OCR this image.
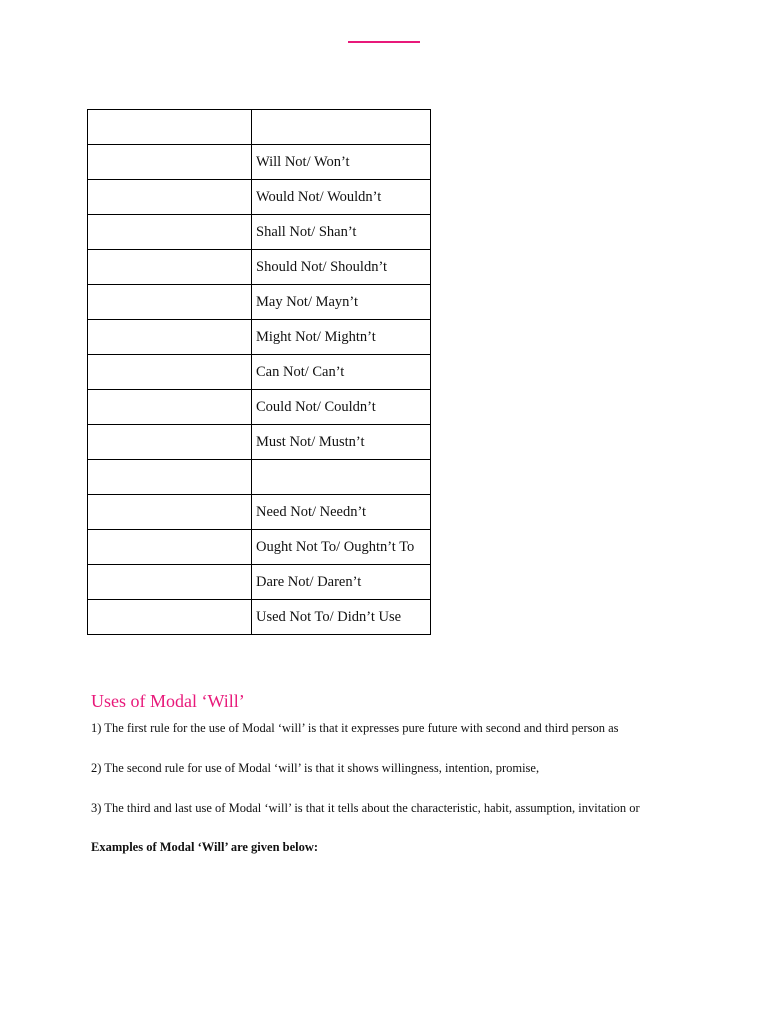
	Will Not/ Won’t
	Would Not/ Wouldn’t
	Shall Not/ Shan’t
	Should Not/ Shouldn’t
	May Not/ Mayn’t
	Might Not/ Mightn’t
	Can Not/ Can’t
	Could Not/ Couldn’t
	Must Not/ Mustn’t

	Need Not/ Needn’t
	Ought Not To/ Oughtn’t To
	Dare Not/ Daren’t
	Used Not To/ Didn’t Use
Uses of Modal ‘Will’

1) The first rule for the use of Modal ‘will’ is that it expresses pure future with second and third person as

2) The second rule for use of Modal ‘will’ is that it shows willingness, intention, promise,

3) The third and last use of Modal ‘will’ is that it tells about the characteristic, habit, assumption, invitation or

Examples of Modal ‘Will’ are given below:
